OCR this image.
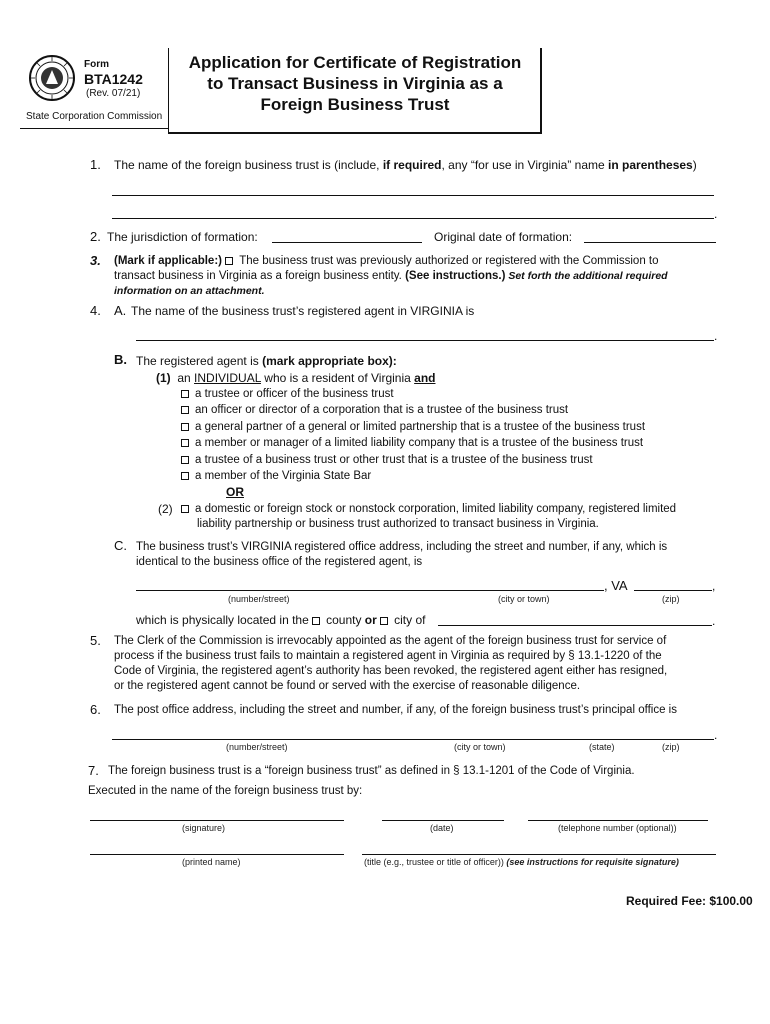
Form
BTA1242
(Rev. 07/21)
State Corporation Commission
Application for Certificate of Registration
to Transact Business in Virginia as a
Foreign Business Trust
1. The name of the foreign business trust is (include, if required, any “for use in Virginia” name in parentheses)
.
2. The jurisdiction of formation:	Original date of formation:
3. (Mark if applicable:) The business trust was previously authorized or registered with the Commission to
transact business in Virginia as a foreign business entity. (See instructions.) Set forth the additional required
information on an attachment.
4. A. The name of the business trust’s registered agent in VIRGINIA is
.
B. The registered agent is (mark appropriate box):
(1) an INDIVIDUAL who is a resident of Virginia and
a trustee or officer of the business trust
an officer or director of a corporation that is a trustee of the business trust
a general partner of a general or limited partnership that is a trustee of the business trust
a member or manager of a limited liability company that is a trustee of the business trust
a trustee of a business trust or other trust that is a trustee of the business trust
a member of the Virginia State Bar
OR
(2)	a domestic or foreign stock or nonstock corporation, limited liability company, registered limited
liability partnership or business trust authorized to transact business in Virginia.
C. The business trust’s VIRGINIA registered office address, including the street and number, if any, which is
identical to the business office of the registered agent, is
, VA	,
(number/street)	(city or town)	(zip)
which is physically located in the county or city of	.
5. The Clerk of the Commission is irrevocably appointed as the agent of the foreign business trust for service of
process if the business trust fails to maintain a registered agent in Virginia as required by § 13.1-1220 of the
Code of Virginia, the registered agent’s authority has been revoked, the registered agent either has resigned,
or the registered agent cannot be found or served with the exercise of reasonable diligence.
6. The post office address, including the street and number, if any, of the foreign business trust’s principal office is
.
(number/street)	(city or town)	(state)	(zip)
7. The foreign business trust is a “foreign business trust” as defined in § 13.1-1201 of the Code of Virginia.
Executed in the name of the foreign business trust by:
(signature)	(date)	(telephone number (optional))
(printed name)	(title (e.g., trustee or title of officer)) (see instructions for requisite signature)
Required Fee: $100.00
